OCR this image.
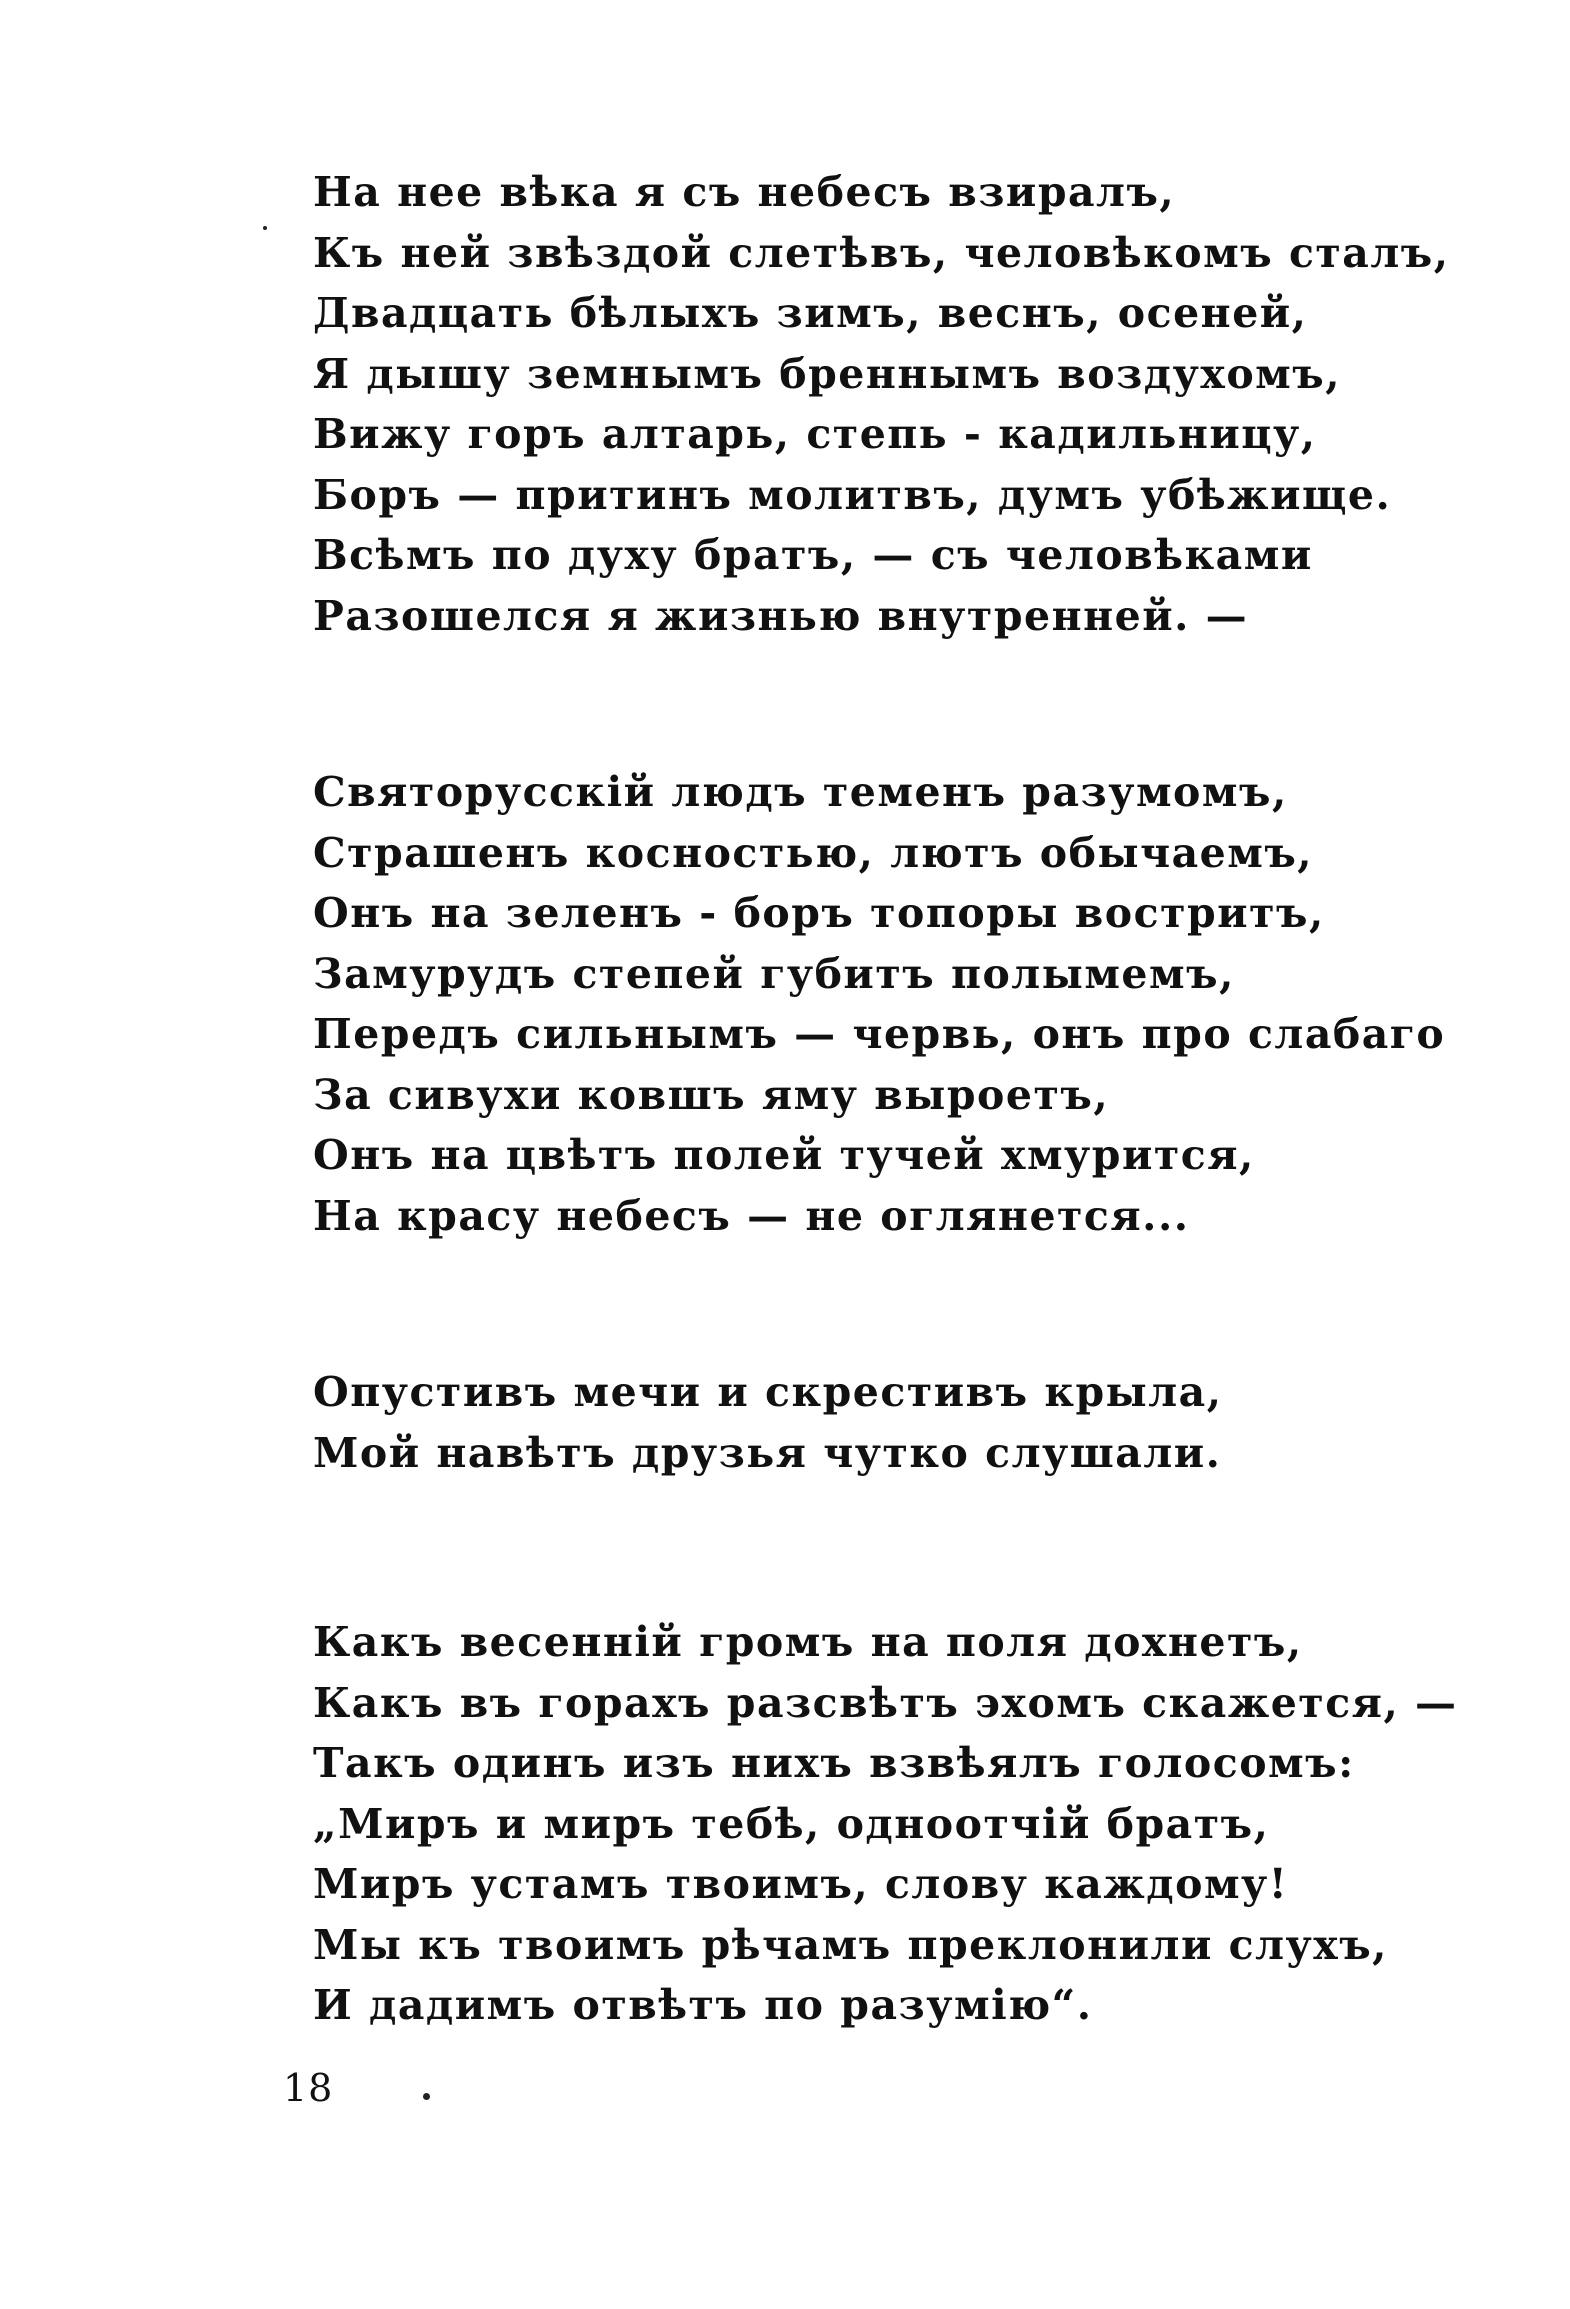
На нее вѣка я съ небесъ взиралъ,
Къ ней звѣздой слетѣвъ, человѣкомъ сталъ,
Двадцать бѣлыхъ зимъ, веснъ, осеней,
Я дышу земнымъ бреннымъ воздухомъ,
Вижу горъ алтарь, степь - кадильницу,
Боръ — притинъ молитвъ, думъ убѣжище.
Всѣмъ по духу братъ, — съ человѣками
Разошелся я жизнью внутренней. —
Святорусскій людъ теменъ разумомъ,
Страшенъ косностью, лютъ обычаемъ,
Онъ на зеленъ - боръ топоры востритъ,
Замурудъ степей губитъ полымемъ,
Передъ сильнымъ — червь, онъ про слабаго
За сивухи ковшъ яму выроетъ,
Онъ на цвѣтъ полей тучей хмурится,
На красу небесъ — не оглянется...
Опустивъ мечи и скрестивъ крыла,
Мой навѣтъ друзья чутко слушали.
Какъ весенній громъ на поля дохнетъ,
Какъ въ горахъ разсвѣтъ эхомъ скажется, —
Такъ одинъ изъ нихъ взвѣялъ голосомъ:
„Миръ и миръ тебѣ, одноотчій братъ,
Миръ устамъ твоимъ, слову каждому!
Мы къ твоимъ рѣчамъ преклонили слухъ,
И дадимъ отвѣтъ по разумію“.
18
